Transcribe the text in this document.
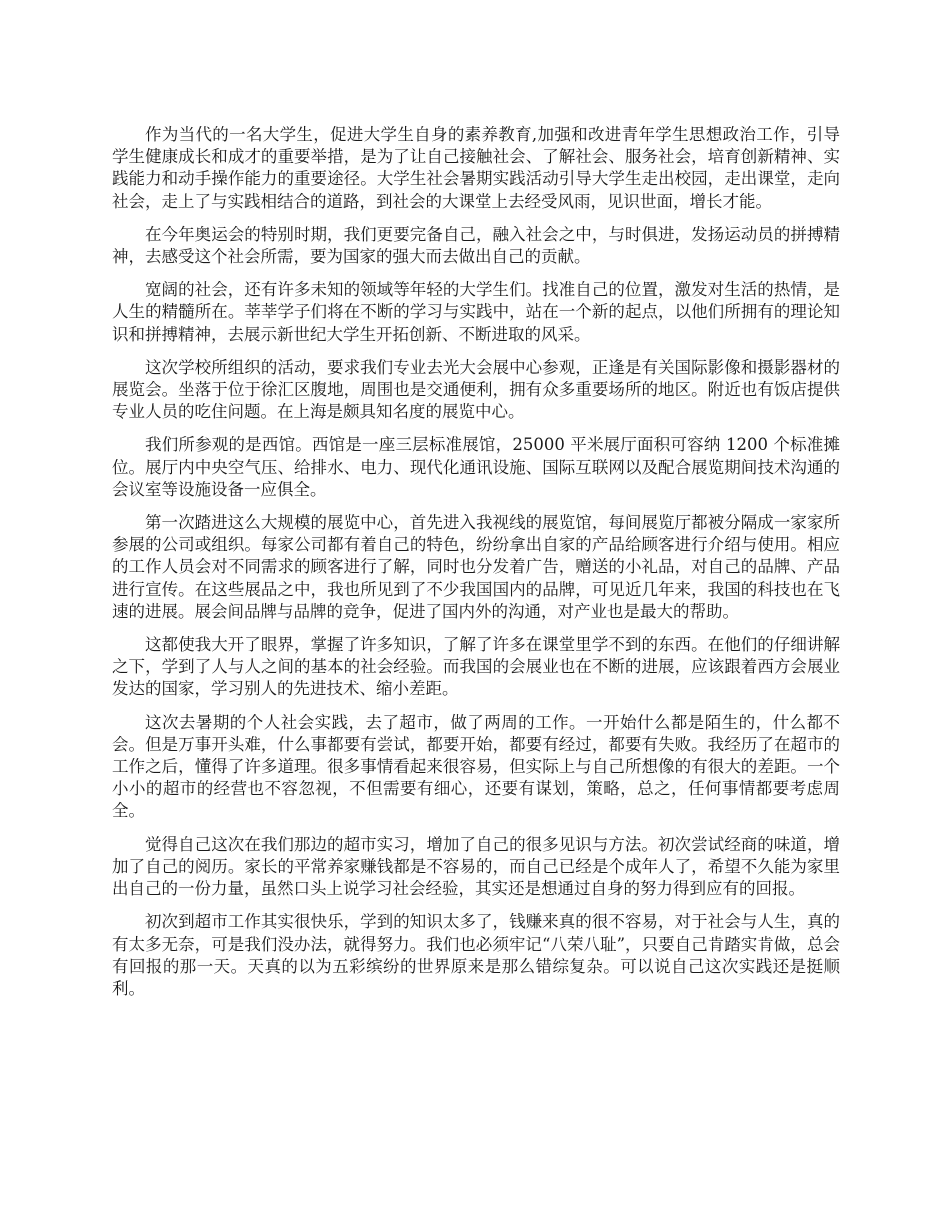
作为当代的一名大学生，促进大学生自身的素养教育,加强和改进青年学生思想政治工作，引导学生健康成长和成才的重要举措，是为了让自己接触社会、了解社会、服务社会，培育创新精神、实践能力和动手操作能力的重要途径。大学生社会暑期实践活动引导大学生走出校园，走出课堂，走向社会，走上了与实践相结合的道路，到社会的大课堂上去经受风雨，见识世面，增长才能。

在今年奥运会的特别时期，我们更要完备自己，融入社会之中，与时俱进，发扬运动员的拼搏精神，去感受这个社会所需，要为国家的强大而去做出自己的贡献。

宽阔的社会，还有许多未知的领域等年轻的大学生们。找准自己的位置，激发对生活的热情，是人生的精髓所在。莘莘学子们将在不断的学习与实践中，站在一个新的起点，以他们所拥有的理论知识和拼搏精神，去展示新世纪大学生开拓创新、不断进取的风采。

这次学校所组织的活动，要求我们专业去光大会展中心参观，正逢是有关国际影像和摄影器材的展览会。坐落于位于徐汇区腹地，周围也是交通便利，拥有众多重要场所的地区。附近也有饭店提供专业人员的吃住问题。在上海是颇具知名度的展览中心。

我们所参观的是西馆。西馆是一座三层标准展馆，25000 平米展厅面积可容纳 1200 个标准摊位。展厅内中央空气压、给排水、电力、现代化通讯设施、国际互联网以及配合展览期间技术沟通的会议室等设施设备一应俱全。

第一次踏进这么大规模的展览中心，首先进入我视线的展览馆，每间展览厅都被分隔成一家家所参展的公司或组织。每家公司都有着自己的特色，纷纷拿出自家的产品给顾客进行介绍与使用。相应的工作人员会对不同需求的顾客进行了解，同时也分发着广告，赠送的小礼品，对自己的品牌、产品进行宣传。在这些展品之中，我也所见到了不少我国国内的品牌，可见近几年来，我国的科技也在飞速的进展。展会间品牌与品牌的竞争，促进了国内外的沟通，对产业也是最大的帮助。

这都使我大开了眼界，掌握了许多知识，了解了许多在课堂里学不到的东西。在他们的仔细讲解之下，学到了人与人之间的基本的社会经验。而我国的会展业也在不断的进展，应该跟着西方会展业发达的国家，学习别人的先进技术、缩小差距。

这次去暑期的个人社会实践，去了超市，做了两周的工作。一开始什么都是陌生的，什么都不会。但是万事开头难，什么事都要有尝试，都要开始，都要有经过，都要有失败。我经历了在超市的工作之后，懂得了许多道理。很多事情看起来很容易，但实际上与自己所想像的有很大的差距。一个小小的超市的经营也不容忽视，不但需要有细心，还要有谋划，策略，总之，任何事情都要考虑周全。

觉得自己这次在我们那边的超市实习，增加了自己的很多见识与方法。初次尝试经商的味道，增加了自己的阅历。家长的平常养家赚钱都是不容易的，而自己已经是个成年人了，希望不久能为家里出自己的一份力量，虽然口头上说学习社会经验，其实还是想通过自身的努力得到应有的回报。

初次到超市工作其实很快乐，学到的知识太多了，钱赚来真的很不容易，对于社会与人生，真的有太多无奈，可是我们没办法，就得努力。我们也必须牢记“八荣八耻”，只要自己肯踏实肯做，总会有回报的那一天。天真的以为五彩缤纷的世界原来是那么错综复杂。可以说自己这次实践还是挺顺利。
